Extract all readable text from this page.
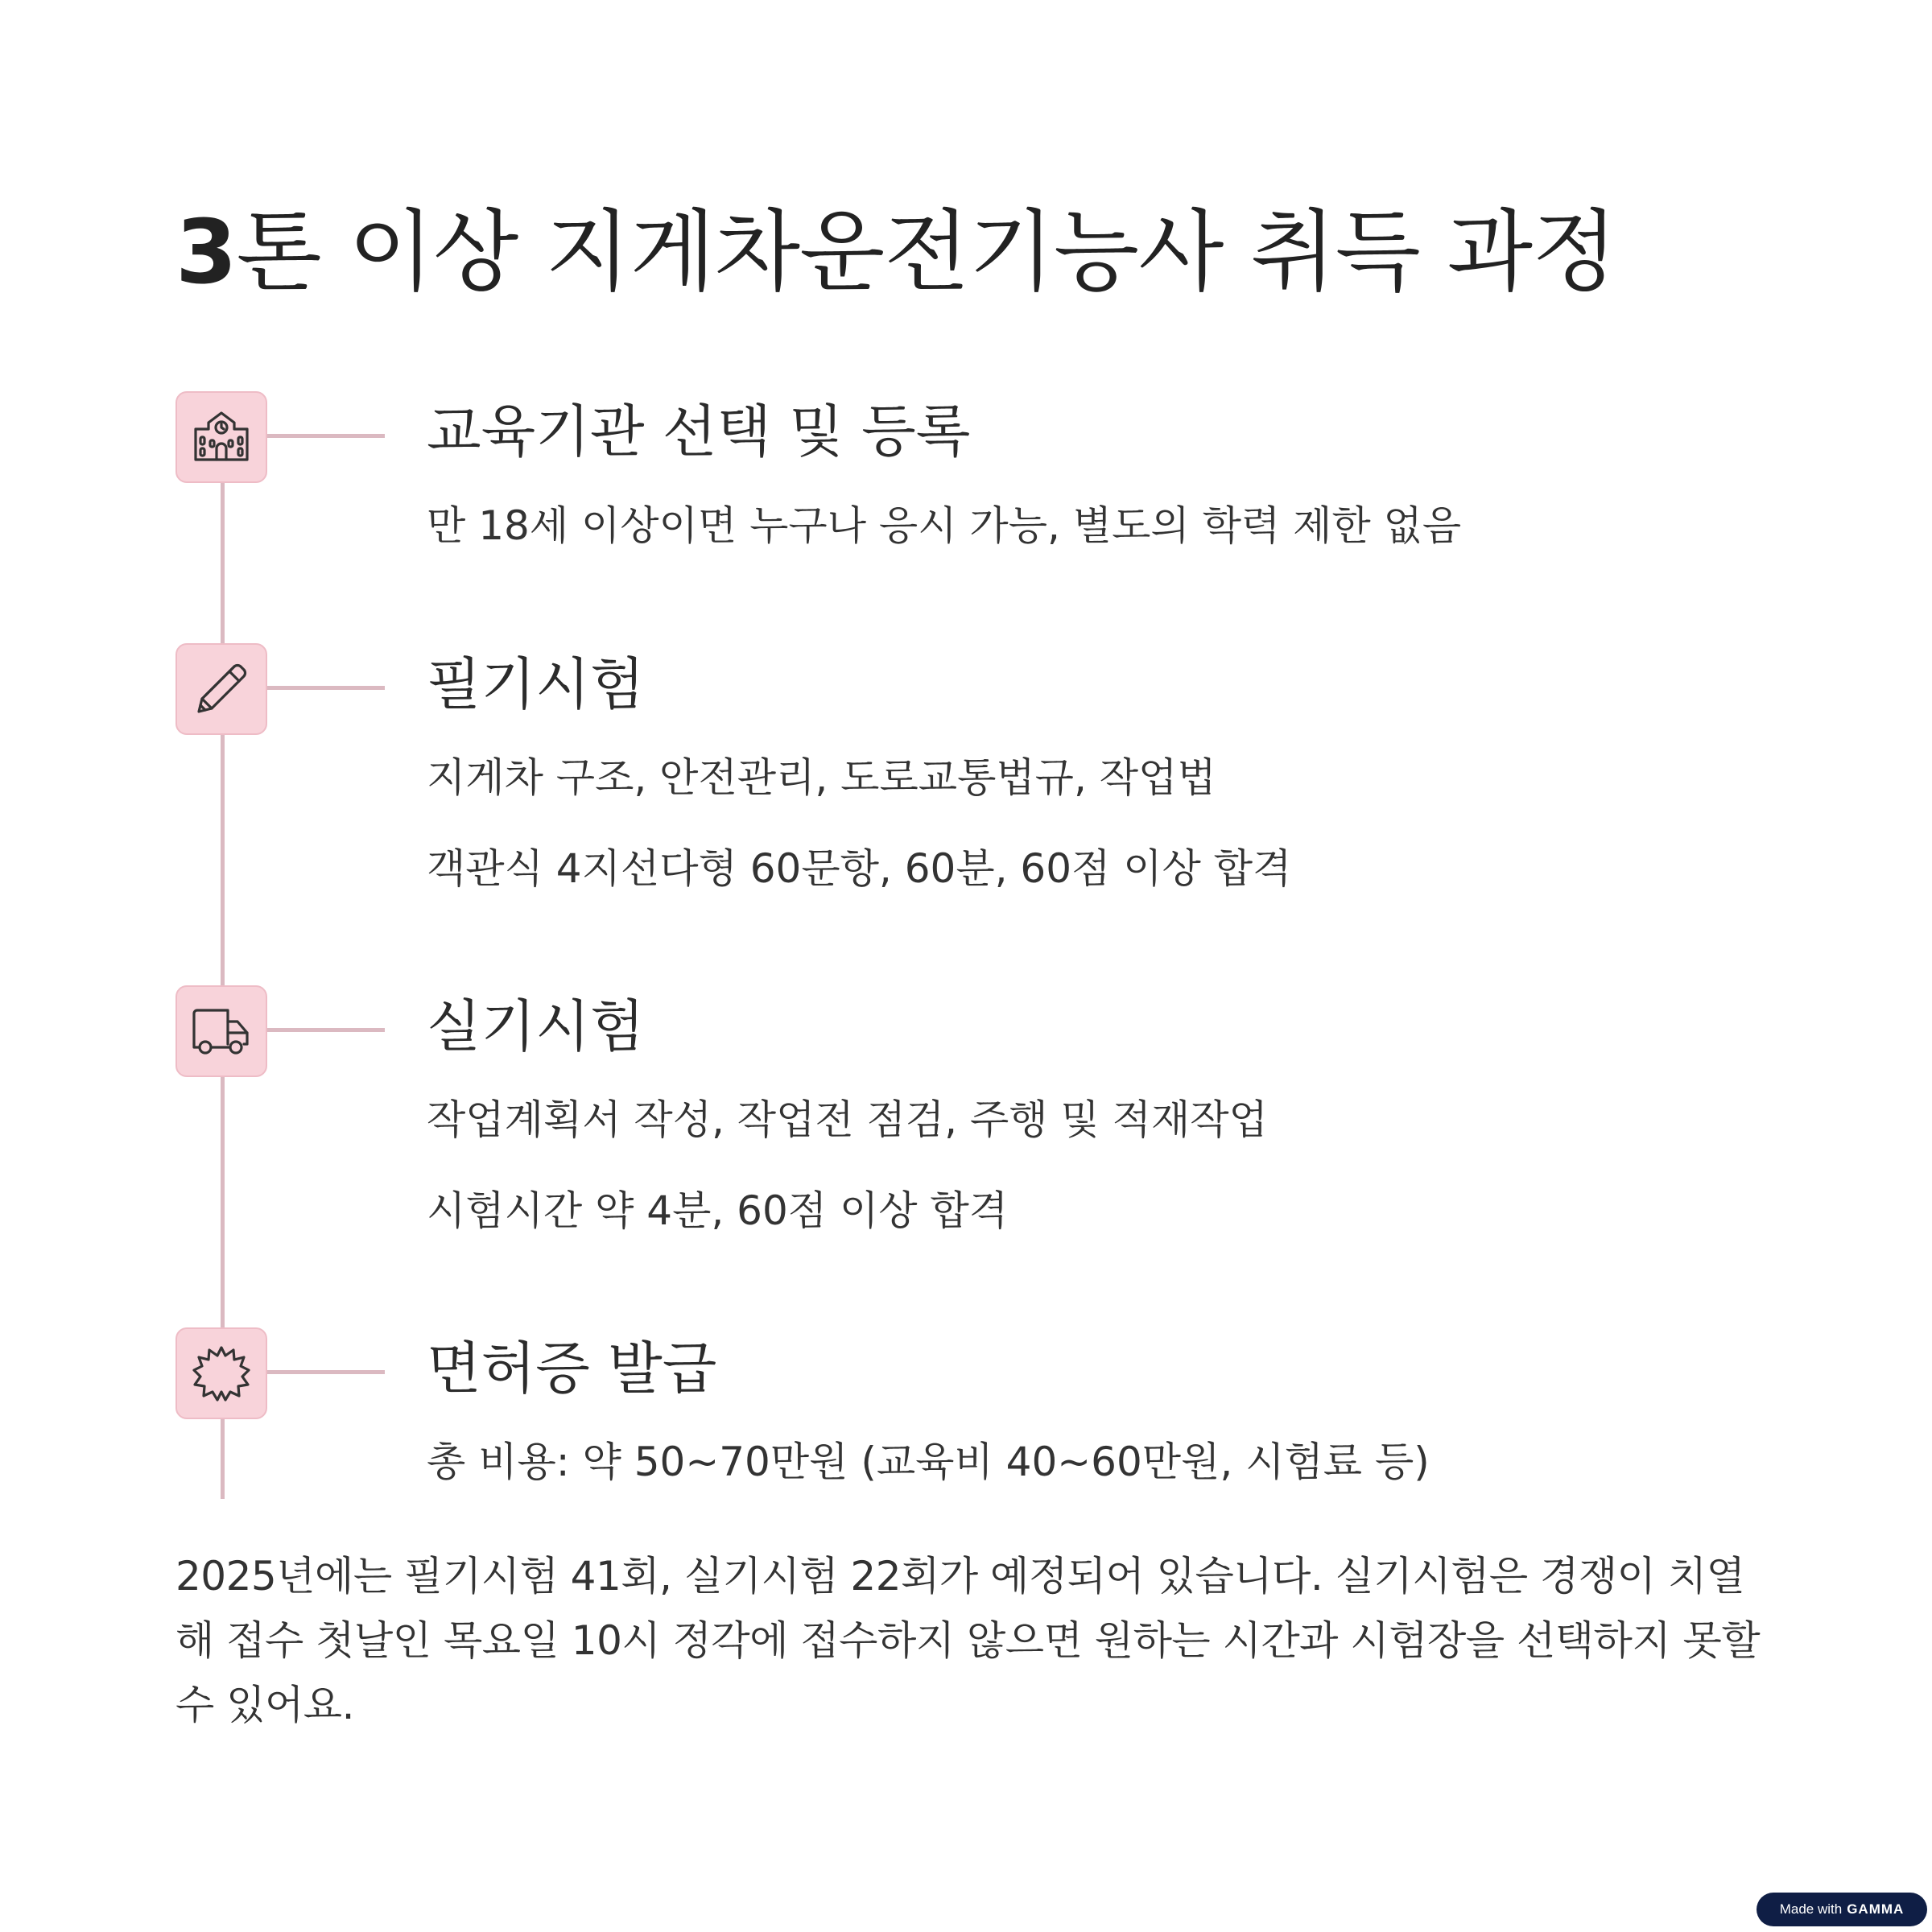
3톤 이상 지게차운전기능사 취득 과정
교육기관 선택 및 등록

만 18세 이상이면 누구나 응시 가능, 별도의 학력 제한 없음

필기시험

지게차 구조, 안전관리, 도로교통법규, 작업법

객관식 4지선다형 60문항, 60분, 60점 이상 합격

실기시험

작업계획서 작성, 작업전 점검, 주행 및 적재작업

시험시간 약 4분, 60점 이상 합격

면허증 발급

총 비용: 약 50~70만원 (교육비 40~60만원, 시험료 등)

2025년에는 필기시험 41회, 실기시험 22회가 예정되어 있습니다. 실기시험은 경쟁이 치열해 접수 첫날인 목요일 10시 정각에 접수하지 않으면 원하는 시간과 시험장을 선택하지 못할 수 있어요.

Made with GAMMA
